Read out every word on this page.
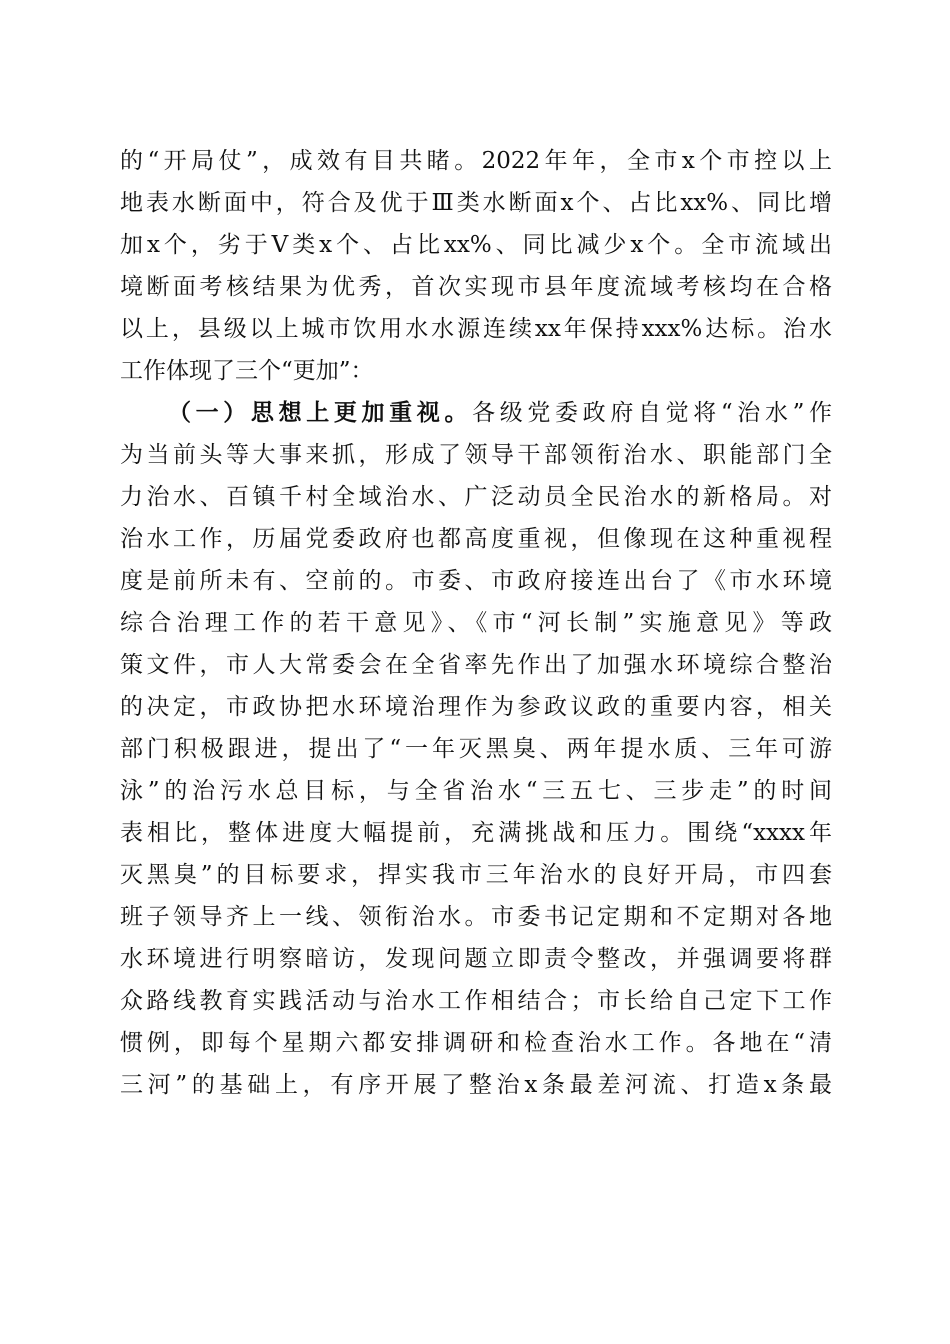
的“开局仗”，成效有目共睹。2022年年，全市x个市控以上
地表水断面中，符合及优于Ⅲ类水断面x个、占比xx%、同比增
加x个，劣于Ⅴ类x个、占比xx%、同比减少x个。全市流域出
境断面考核结果为优秀，首次实现市县年度流域考核均在合格
以上，县级以上城市饮用水水源连续xx年保持xxx%达标。治水
工作体现了三个“更加”：
（一）思想上更加重视。各级党委政府自觉将“治水”作
为当前头等大事来抓，形成了领导干部领衔治水、职能部门全
力治水、百镇千村全域治水、广泛动员全民治水的新格局。对
治水工作，历届党委政府也都高度重视，但像现在这种重视程
度是前所未有、空前的。市委、市政府接连出台了《市水环境
综合治理工作的若干意见》、《市“河长制”实施意见》等政
策文件，市人大常委会在全省率先作出了加强水环境综合整治
的决定，市政协把水环境治理作为参政议政的重要内容，相关
部门积极跟进，提出了“一年灭黑臭、两年提水质、三年可游
泳”的治污水总目标，与全省治水“三五七、三步走”的时间
表相比，整体进度大幅提前，充满挑战和压力。围绕“xxxx年
灭黑臭”的目标要求，捍实我市三年治水的良好开局，市四套
班子领导齐上一线、领衔治水。市委书记定期和不定期对各地
水环境进行明察暗访，发现问题立即责令整改，并强调要将群
众路线教育实践活动与治水工作相结合；市长给自己定下工作
惯例，即每个星期六都安排调研和检查治水工作。各地在“清
三河”的基础上，有序开展了整治x条最差河流、打造x条最
